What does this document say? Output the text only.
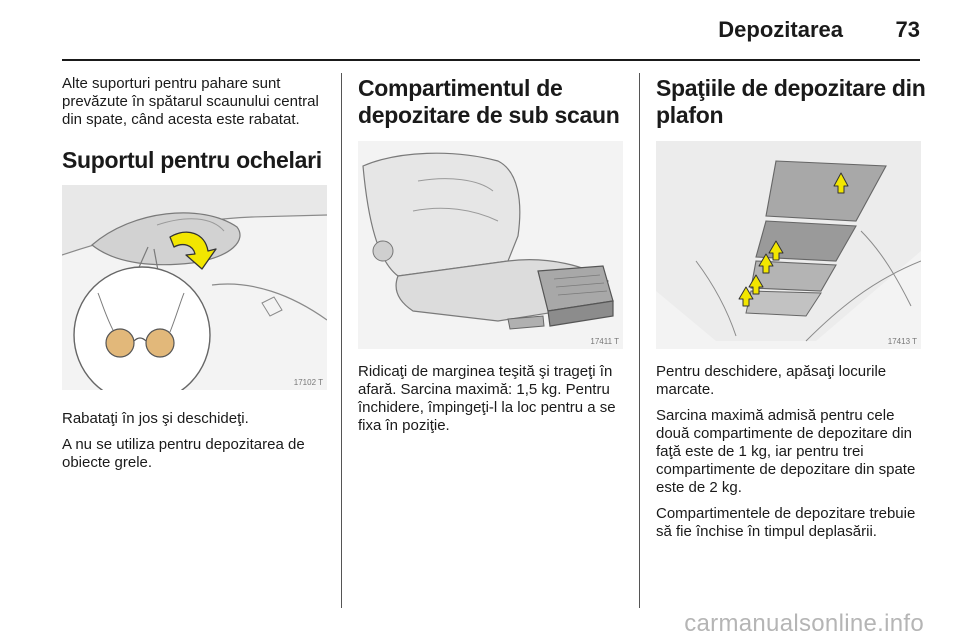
Depozitarea 73

Alte suporturi pentru pahare sunt prevăzute în spătarul scaunului central din spate, când acesta este rabatat.

Suportul pentru ochelari
17102 T

Rabataţi în jos şi deschideţi.

A nu se utiliza pentru depozitarea de obiecte grele.

Compartimentul de depozitare de sub scaun
17411 T

Ridicaţi de marginea teşită şi trageţi în afară. Sarcina maximă: 1,5 kg. Pentru închidere, împingeţi-l la loc pentru a se fixa în poziţie.

Spaţiile de depozitare din plafon
17413 T

Pentru deschidere, apăsaţi locurile marcate.

Sarcina maximă admisă pentru cele două compartimente de depozitare din faţă este de 1 kg, iar pentru trei compartimente de depozitare din spate este de 2 kg.

Compartimentele de depozitare trebuie să fie închise în timpul deplasării.

carmanualsonline.info
